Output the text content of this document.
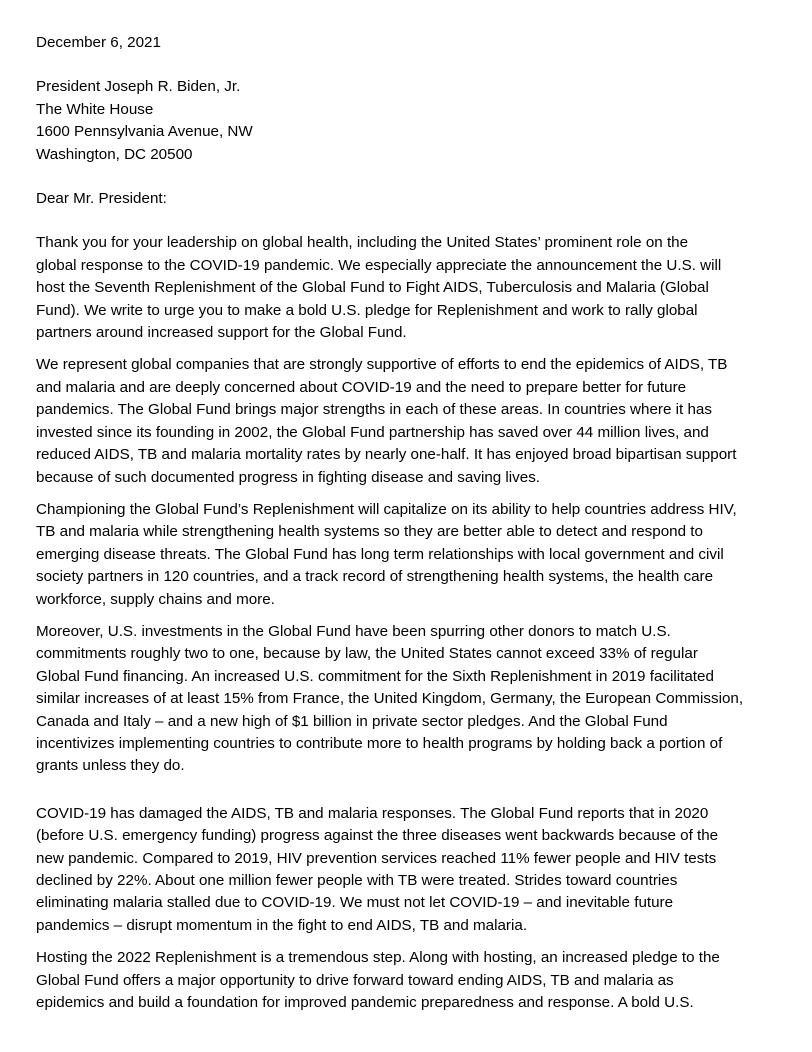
December 6, 2021
President Joseph R. Biden, Jr.
The White House
1600 Pennsylvania Avenue, NW
Washington, DC 20500
Dear Mr. President:
Thank you for your leadership on global health, including the United States’ prominent role on the
global response to the COVID-19 pandemic. We especially appreciate the announcement the U.S. will
host the Seventh Replenishment of the Global Fund to Fight AIDS, Tuberculosis and Malaria (Global
Fund). We write to urge you to make a bold U.S. pledge for Replenishment and work to rally global
partners around increased support for the Global Fund.
We represent global companies that are strongly supportive of efforts to end the epidemics of AIDS, TB
and malaria and are deeply concerned about COVID-19 and the need to prepare better for future
pandemics. The Global Fund brings major strengths in each of these areas. In countries where it has
invested since its founding in 2002, the Global Fund partnership has saved over 44 million lives, and
reduced AIDS, TB and malaria mortality rates by nearly one-half. It has enjoyed broad bipartisan support
because of such documented progress in fighting disease and saving lives.
Championing the Global Fund’s Replenishment will capitalize on its ability to help countries address HIV,
TB and malaria while strengthening health systems so they are better able to detect and respond to
emerging disease threats. The Global Fund has long term relationships with local government and civil
society partners in 120 countries, and a track record of strengthening health systems, the health care
workforce, supply chains and more.
Moreover, U.S. investments in the Global Fund have been spurring other donors to match U.S.
commitments roughly two to one, because by law, the United States cannot exceed 33% of regular
Global Fund financing. An increased U.S. commitment for the Sixth Replenishment in 2019 facilitated
similar increases of at least 15% from France, the United Kingdom, Germany, the European Commission,
Canada and Italy – and a new high of $1 billion in private sector pledges. And the Global Fund
incentivizes implementing countries to contribute more to health programs by holding back a portion of
grants unless they do.
COVID-19 has damaged the AIDS, TB and malaria responses. The Global Fund reports that in 2020
(before U.S. emergency funding) progress against the three diseases went backwards because of the
new pandemic. Compared to 2019, HIV prevention services reached 11% fewer people and HIV tests
declined by 22%. About one million fewer people with TB were treated. Strides toward countries
eliminating malaria stalled due to COVID-19. We must not let COVID-19 – and inevitable future
pandemics – disrupt momentum in the fight to end AIDS, TB and malaria.
Hosting the 2022 Replenishment is a tremendous step. Along with hosting, an increased pledge to the
Global Fund offers a major opportunity to drive forward toward ending AIDS, TB and malaria as
epidemics and build a foundation for improved pandemic preparedness and response. A bold U.S.
